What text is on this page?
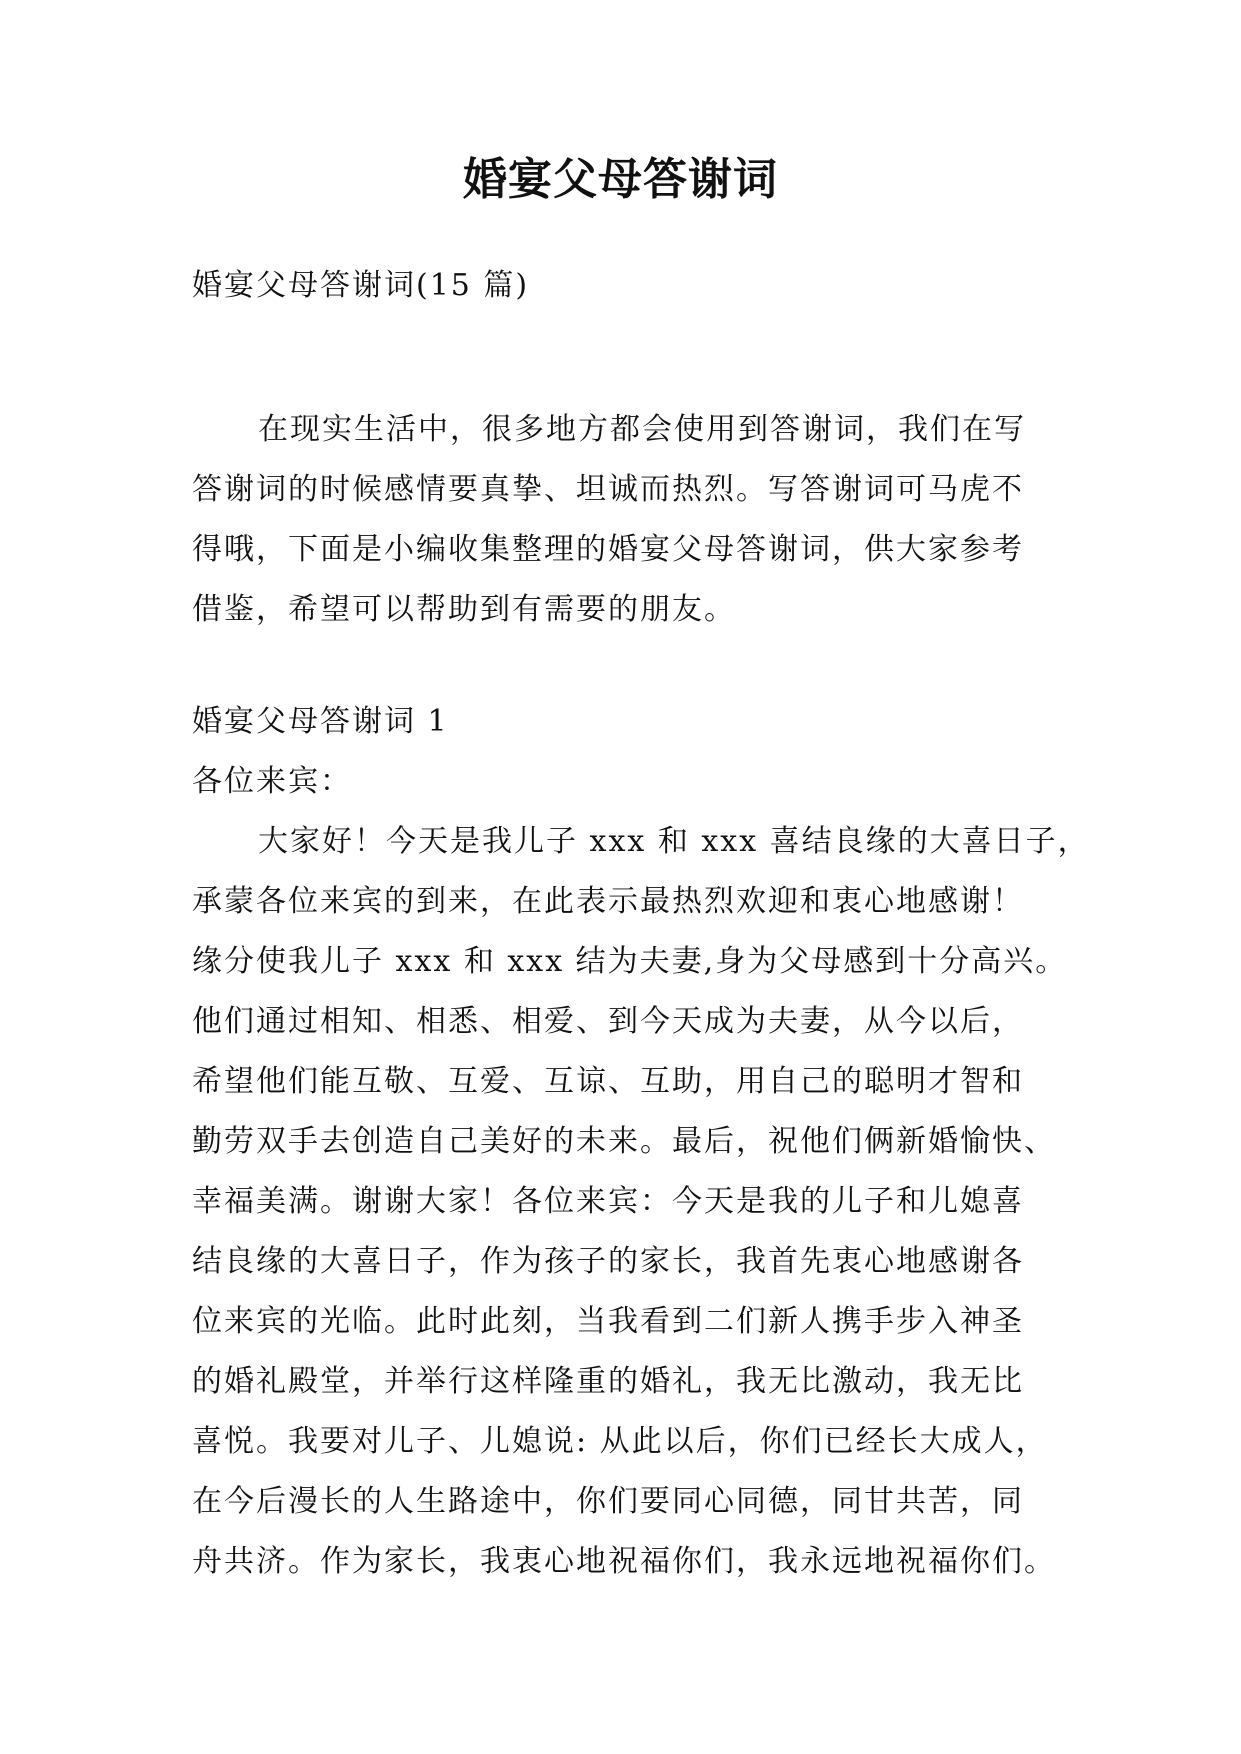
婚宴父母答谢词
婚宴父母答谢词(15 篇)
在现实生活中，很多地方都会使用到答谢词，我们在写
答谢词的时候感情要真挚、坦诚而热烈。写答谢词可马虎不
得哦，下面是小编收集整理的婚宴父母答谢词，供大家参考
借鉴，希望可以帮助到有需要的朋友。
婚宴父母答谢词 1
各位来宾：
大家好！今天是我儿子 xxx 和 xxx 喜结良缘的大喜日子，
承蒙各位来宾的到来，在此表示最热烈欢迎和衷心地感谢！
缘分使我儿子 xxx 和 xxx 结为夫妻,身为父母感到十分高兴。
他们通过相知、相悉、相爱、到今天成为夫妻，从今以后，
希望他们能互敬、互爱、互谅、互助，用自己的聪明才智和
勤劳双手去创造自己美好的未来。最后，祝他们俩新婚愉快、
幸福美满。谢谢大家！各位来宾：今天是我的儿子和儿媳喜
结良缘的大喜日子，作为孩子的家长，我首先衷心地感谢各
位来宾的光临。此时此刻，当我看到二们新人携手步入神圣
的婚礼殿堂，并举行这样隆重的婚礼，我无比激动，我无比
喜悦。我要对儿子、儿媳说: 从此以后，你们已经长大成人，
在今后漫长的人生路途中，你们要同心同德，同甘共苦，同
舟共济。作为家长，我衷心地祝福你们，我永远地祝福你们。
